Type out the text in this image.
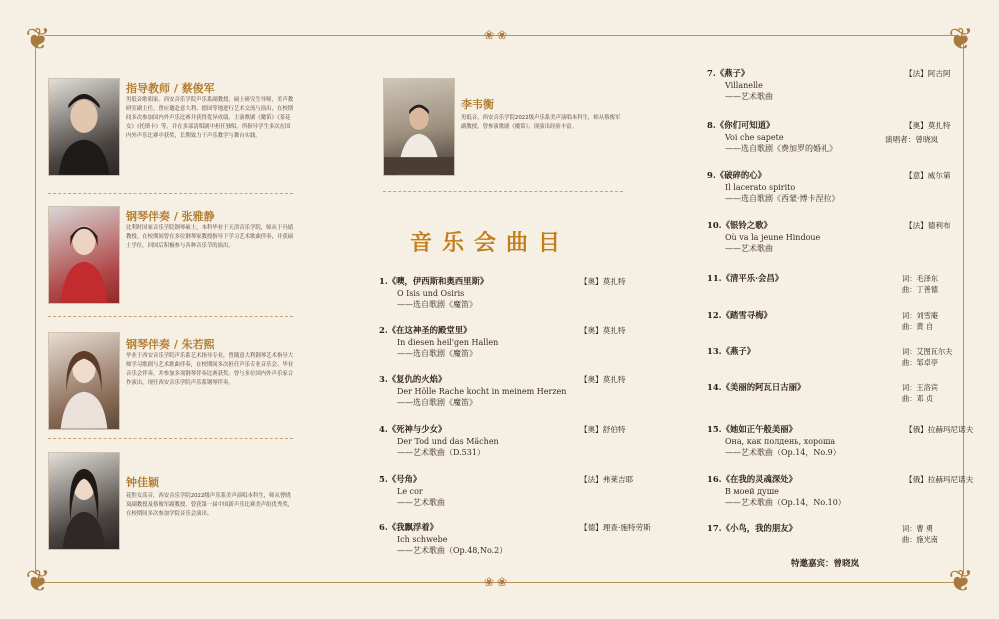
❦	❦
❦	❦
❀❀
❀❀
指导教师 / 蔡俊军
男低音歌唱家。西安音乐学院声乐系副教授，硕士研究生导师，美声教研室副主任。曾应邀赴意大利、德国等地进行艺术交流与演出，在校期间多次参加国内外声乐比赛并获得优异成绩。主演歌剧《魔笛》《茶花女》《托斯卡》等，并在多部清唱剧中担任独唱。所指导学生多次在国内外声乐比赛中获奖，长期致力于声乐教学与舞台实践。
钢琴伴奏 / 张雅静
比利时国家音乐学院钢琴硕士，本科毕业于天津音乐学院，师从于冯婧教授。在校期间曾在多位钢琴家教授指导下学习艺术歌曲伴奏，并获硕士学位。回国后积极参与各种音乐节的演出。
钢琴伴奏 / 朱若熙
毕业于西安音乐学院声乐系艺术指导专业，曾随意大利钢琴艺术指导大师学习歌剧与艺术歌曲伴奏，在校期间多次担任声乐专业音乐会、毕业音乐会伴奏，并参加多项钢琴伴奏比赛获奖。曾与多位国内外声乐家合作演出，现任西安音乐学院声乐系钢琴伴奏。
钟佳颖
花腔女高音，西安音乐学院2022级声乐系美声演唱本科生，师从曹晓岚副教授及蔡俊军副教授。曾获第一届中国新声乐比赛美声组优秀奖，在校期间多次参加学院音乐会演出。
李韦衡
男低音，西安音乐学院2022级声乐系美声演唱本科生，师从蔡俊军副教授。曾参演歌剧《魔笛》，现演出经验丰富。
音乐会曲目
1.《噢，伊西斯和奥西里斯》
O Isis und Osiris
——选自歌剧《魔笛》
【奥】莫扎特
2.《在这神圣的殿堂里》
In diesen heil'gen Hallen
——选自歌剧《魔笛》
【奥】莫扎特
3.《复仇的火焰》
Der Hölle Rache kocht in meinem Herzen
——选自歌剧《魔笛》
【奥】莫扎特
4.《死神与少女》
Der Tod und das Mächen
——艺术歌曲（D.531）
【奥】舒伯特
5.《号角》
Le cor
——艺术歌曲
【法】弗莱吉耶
6.《我飘浮着》
Ich schwebe
——艺术歌曲（Op.48,No.2）
【德】理查·施特劳斯
7.《燕子》
Villanelle
——艺术歌曲
【法】阿古阿
8.《你们可知道》
Voi che sapete
——选自歌剧《费加罗的婚礼》
【奥】莫扎特
演唱者：曾晓岚
9.《破碎的心》
Il lacerato spirito
——选自歌剧《西蒙·博卡涅拉》
【意】威尔第
10.《银铃之歌》
Où va la jeune Hindoue
——艺术歌曲
【法】德利布
11.《清平乐·会昌》	词：毛泽东
曲：丁善德
12.《踏雪寻梅》	词：刘雪庵
曲：黄 自
13.《燕子》	词：艾图瓦尔夫
曲：邹卓亭
14.《美丽的阿瓦日古丽》	词：王洛宾
曲：邓 贞
15.《她如正午般美丽》
Она, как полдень, хороша
——艺术歌曲（Op.14，No.9）
【俄】拉赫玛尼诺夫
16.《在我的灵魂深处》
В моей душе
——艺术歌曲（Op.14，No.10）
【俄】拉赫玛尼诺夫
17.《小鸟，我的朋友》	词：曹 勇
曲：施光南
特邀嘉宾：曾晓岚
